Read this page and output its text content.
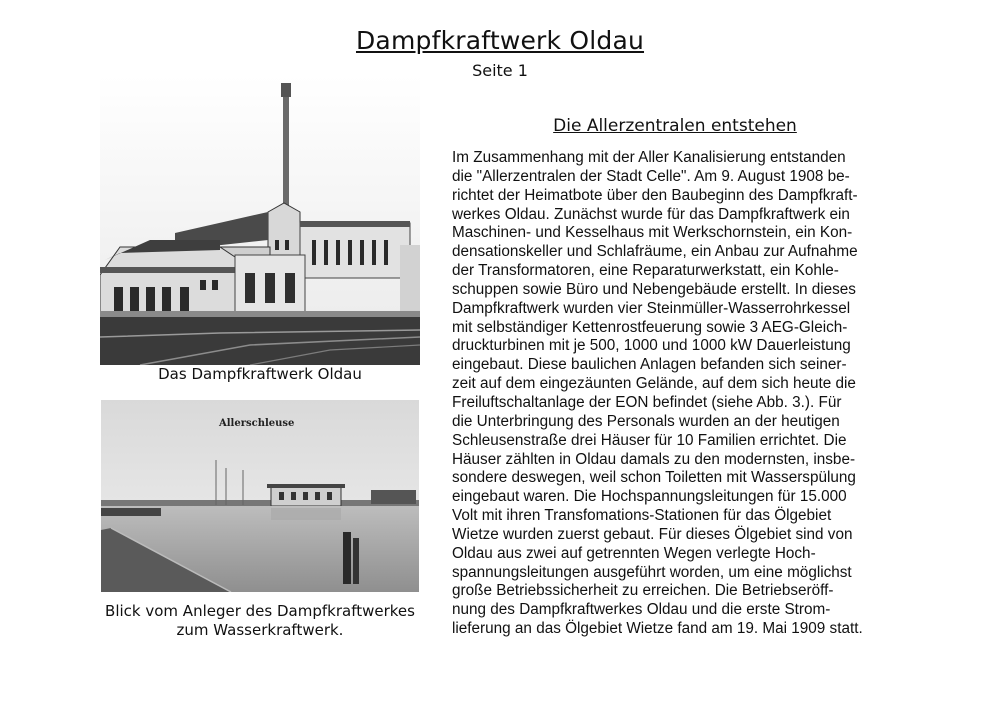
Dampfkraftwerk Oldau
Seite 1
Das Dampfkraftwerk Oldau
Allerschleuse
Blick vom Anleger des Dampfkraftwerkes
zum Wasserkraftwerk.
Die Allerzentralen entstehen
Im Zusammenhang mit der Aller Kanalisierung entstanden
die "Allerzentralen der Stadt Celle". Am 9. August 1908 be-
richtet der Heimatbote über den Baubeginn des Dampfkraft-
werkes Oldau. Zunächst wurde für das Dampfkraftwerk ein
Maschinen- und Kesselhaus mit Werkschornstein, ein Kon-
densationskeller und Schlafräume, ein Anbau zur Aufnahme
der Transformatoren, eine Reparaturwerkstatt, ein Kohle-
schuppen sowie Büro und Nebengebäude erstellt. In dieses
Dampfkraftwerk wurden vier Steinmüller-Wasserrohrkessel
mit selbständiger Kettenrostfeuerung sowie 3 AEG-Gleich-
druckturbinen mit je 500, 1000 und 1000 kW Dauerleistung
eingebaut. Diese baulichen Anlagen befanden sich seiner-
zeit auf dem eingezäunten Gelände, auf dem sich heute die
Freiluftschaltanlage der EON befindet (siehe Abb. 3.). Für
die Unterbringung des Personals wurden an der heutigen
Schleusenstraße drei Häuser für 10 Familien errichtet. Die
Häuser zählten in Oldau damals zu den modernsten, insbe-
sondere deswegen, weil schon Toiletten mit Wasserspülung
eingebaut waren. Die Hochspannungsleitungen für 15.000
Volt mit ihren Transfomations-Stationen für das Ölgebiet
Wietze wurden zuerst gebaut. Für dieses Ölgebiet sind von
Oldau aus zwei auf getrennten Wegen verlegte Hoch-
spannungsleitungen ausgeführt worden, um eine möglichst
große Betriebssicherheit zu erreichen. Die Betriebseröff-
nung des Dampfkraftwerkes Oldau und die erste Strom-
lieferung an das Ölgebiet Wietze fand am 19. Mai 1909 statt.
